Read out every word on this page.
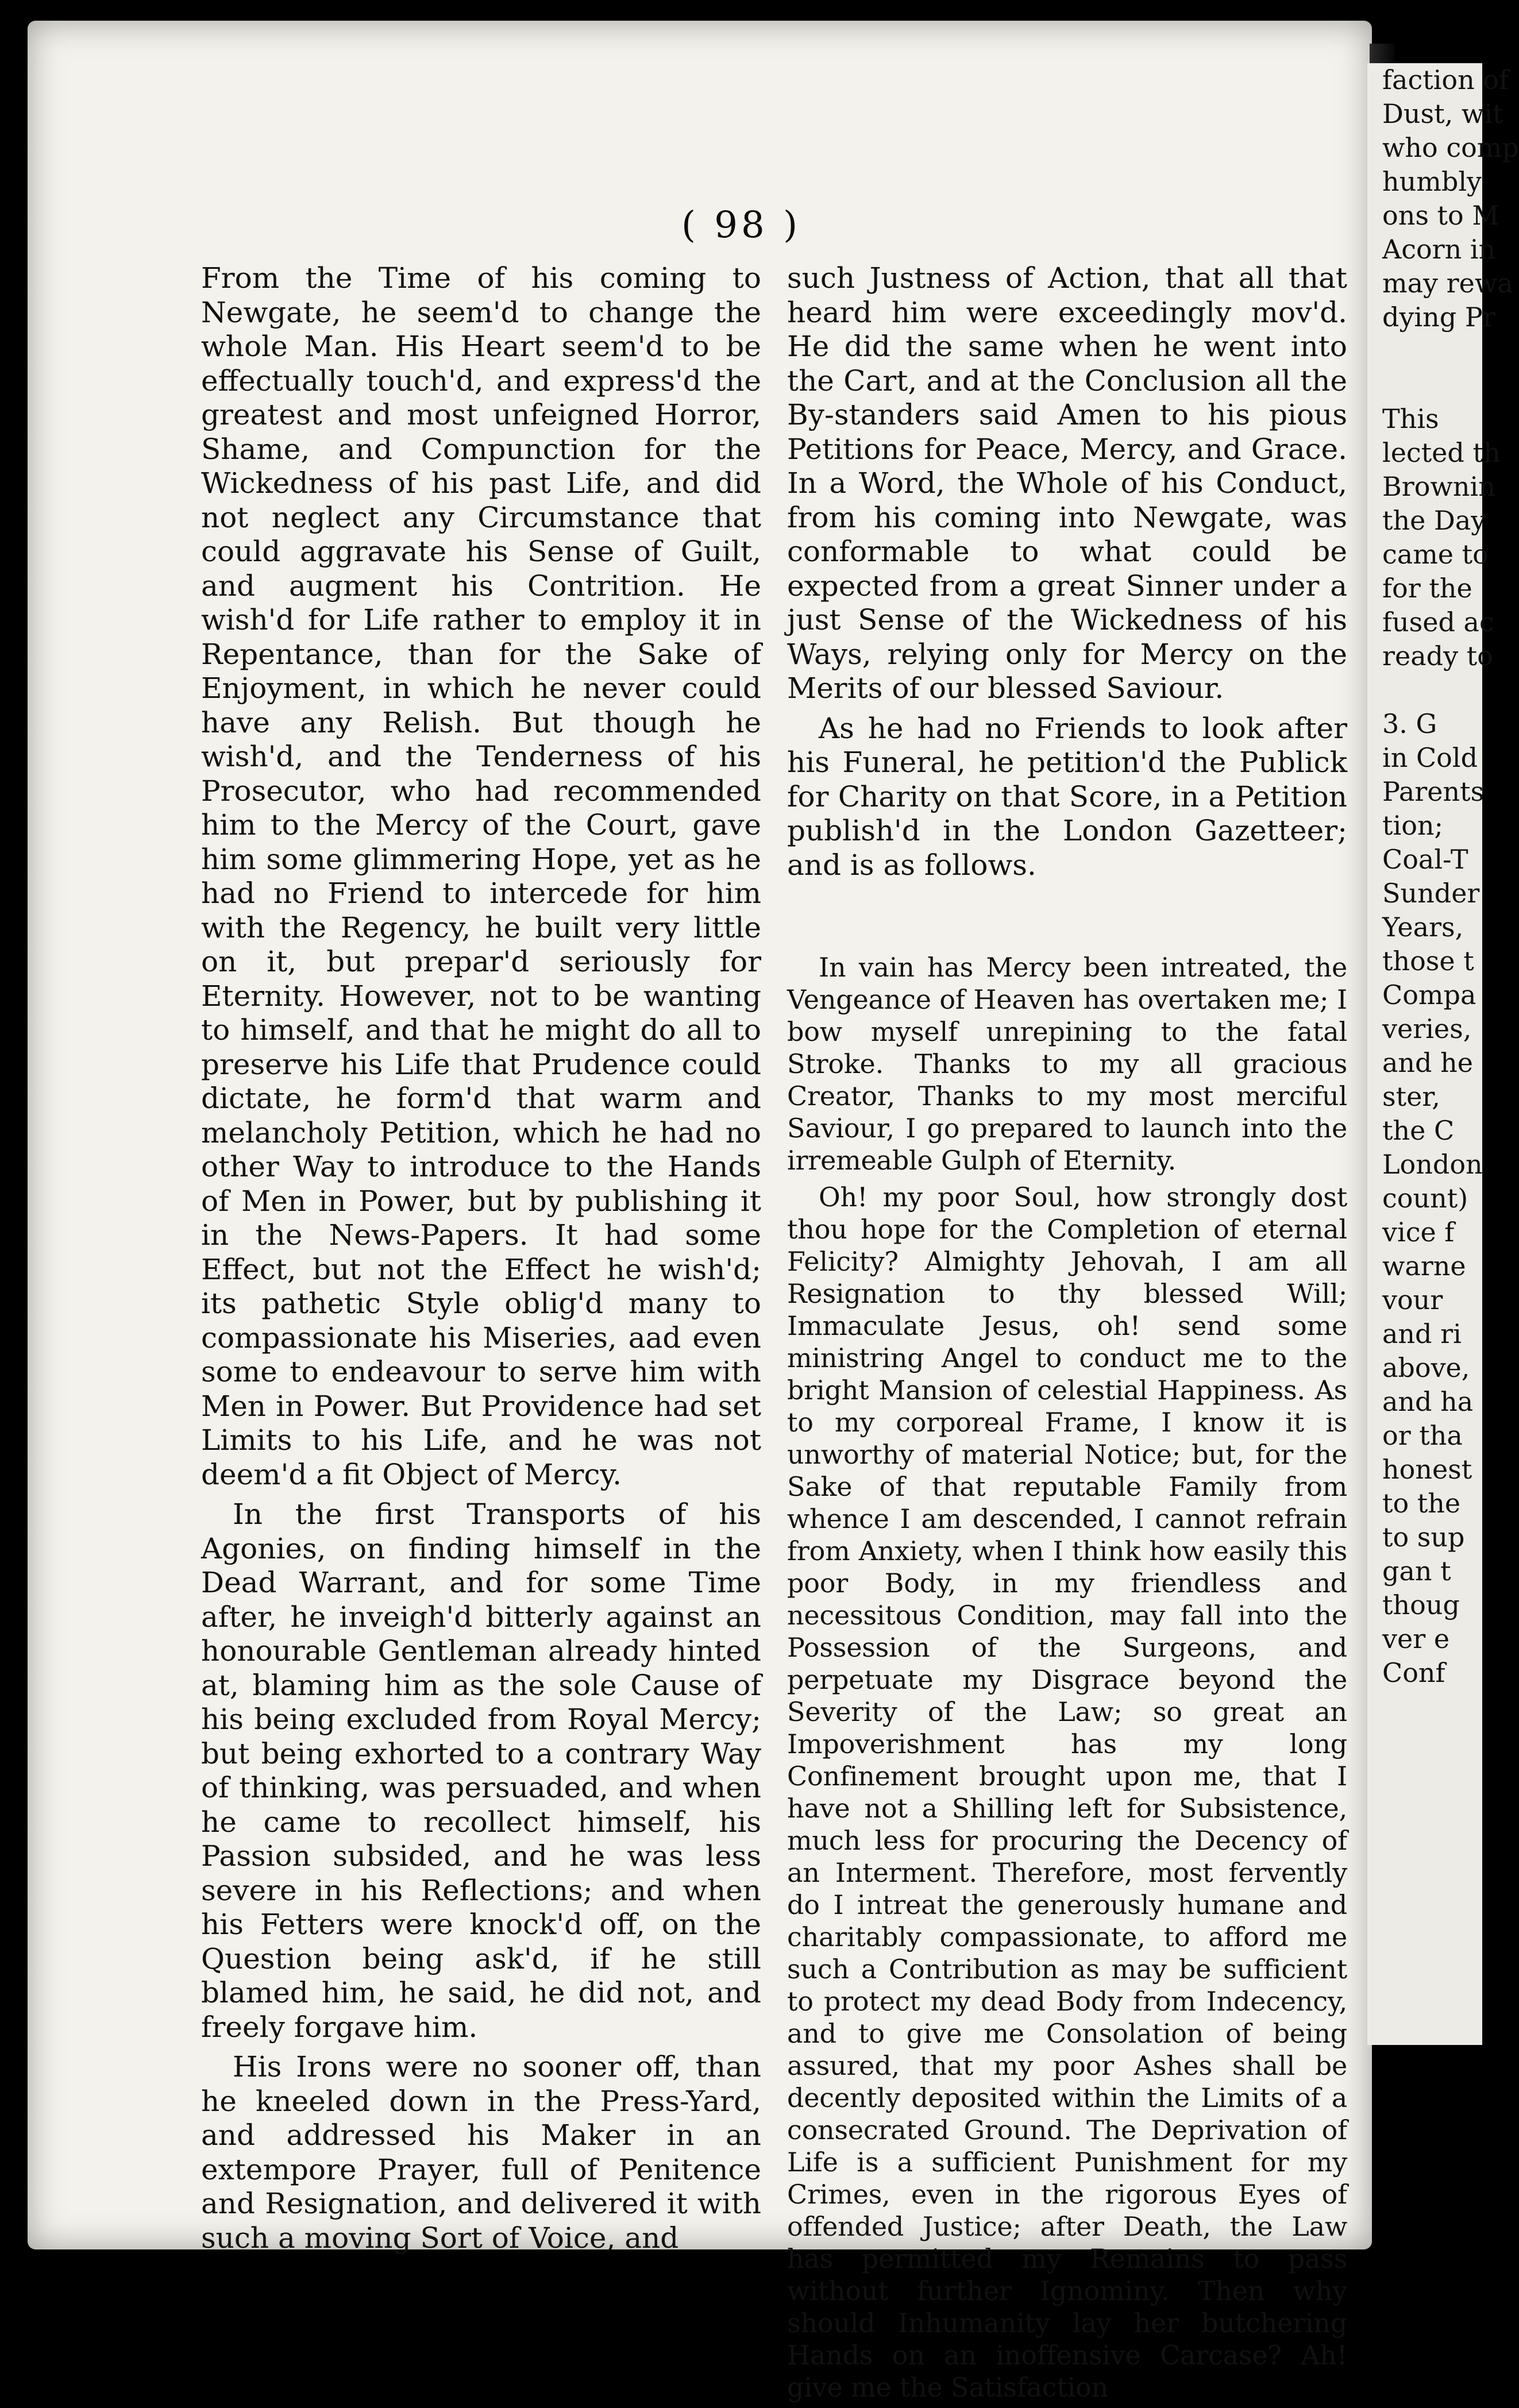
faction of
Dust, wit
who comp
humbly
ons to M
Acorn in
may rewa
dying Pr

This
lected th
Brownin
the Day
came to
for the
fused ac
ready to

3. G
in Cold
Parents
tion;
Coal-T
Sunder
Years,
those t
Compa
veries,
and he
ster,
the C
London
count)
vice f
warne
vour
and ri
above,
and ha
or tha
honest
to the
to sup
gan t
thoug
ver e
Conf
( 98 )

From the Time of his coming to Newgate, he seem'd to change the whole Man. His Heart seem'd to be effectually touch'd, and express'd the greatest and most unfeigned Horror, Shame, and Compunction for the Wickedness of his past Life, and did not neglect any Circumstance that could aggravate his Sense of Guilt, and augment his Contrition. He wish'd for Life rather to employ it in Repentance, than for the Sake of Enjoyment, in which he never could have any Relish. But though he wish'd, and the Tenderness of his Prosecutor, who had recommended him to the Mercy of the Court, gave him some glimmering Hope, yet as he had no Friend to intercede for him with the Regency, he built very little on it, but prepar'd seriously for Eternity. However, not to be wanting to himself, and that he might do all to preserve his Life that Prudence could dictate, he form'd that warm and melancholy Petition, which he had no other Way to introduce to the Hands of Men in Power, but by publishing it in the News-Papers. It had some Effect, but not the Effect he wish'd; its pathetic Style oblig'd many to compassionate his Miseries, aad even some to endeavour to serve him with Men in Power. But Providence had set Limits to his Life, and he was not deem'd a fit Object of Mercy.

In the first Transports of his Agonies, on finding himself in the Dead Warrant, and for some Time after, he inveigh'd bitterly against an honourable Gentleman already hinted at, blaming him as the sole Cause of his being excluded from Royal Mercy; but being exhorted to a contrary Way of thinking, was persuaded, and when he came to recollect himself, his Passion subsided, and he was less severe in his Reflections; and when his Fetters were knock'd off, on the Question being ask'd, if he still blamed him, he said, he did not, and freely forgave him.

His Irons were no sooner off, than he kneeled down in the Press-Yard, and addressed his Maker in an extempore Prayer, full of Penitence and Resignation, and delivered it with such a moving Sort of Voice, and

such Justness of Action, that all that heard him were exceedingly mov'd. He did the same when he went into the Cart, and at the Conclusion all the By-standers said Amen to his pious Petitions for Peace, Mercy, and Grace. In a Word, the Whole of his Conduct, from his coming into Newgate, was conformable to what could be expected from a great Sinner under a just Sense of the Wickedness of his Ways, relying only for Mercy on the Merits of our blessed Saviour.

As he had no Friends to look after his Funeral, he petition'd the Publick for Charity on that Score, in a Petition publish'd in the London Gazetteer; and is as follows.

In vain has Mercy been intreated, the Vengeance of Heaven has overtaken me; I bow myself unrepining to the fatal Stroke. Thanks to my all gracious Creator, Thanks to my most merciful Saviour, I go prepared to launch into the irremeable Gulph of Eternity.

Oh! my poor Soul, how strongly dost thou hope for the Completion of eternal Felicity? Almighty Jehovah, I am all Resignation to thy blessed Will; Immaculate Jesus, oh! send some ministring Angel to conduct me to the bright Mansion of celestial Happiness. As to my corporeal Frame, I know it is unworthy of material Notice; but, for the Sake of that reputable Family from whence I am descended, I cannot refrain from Anxiety, when I think how easily this poor Body, in my friendless and necessitous Condition, may fall into the Possession of the Surgeons, and perpetuate my Disgrace beyond the Severity of the Law; so great an Impoverishment has my long Confinement brought upon me, that I have not a Shilling left for Subsistence, much less for procuring the Decency of an Interment. Therefore, most fervently do I intreat the generously humane and charitably compassionate, to afford me such a Contribution as may be sufficient to protect my dead Body from Indecency, and to give me Consolation of being assured, that my poor Ashes shall be decently deposited within the Limits of a consecrated Ground. The Deprivation of Life is a sufficient Punishment for my Crimes, even in the rigorous Eyes of offended Justice; after Death, the Law has permitted my Remains to pass without further Ignominy. Then why should Inhumanity lay her butchering Hands on an inoffensive Carcase? Ah! give me the Satisfaction
